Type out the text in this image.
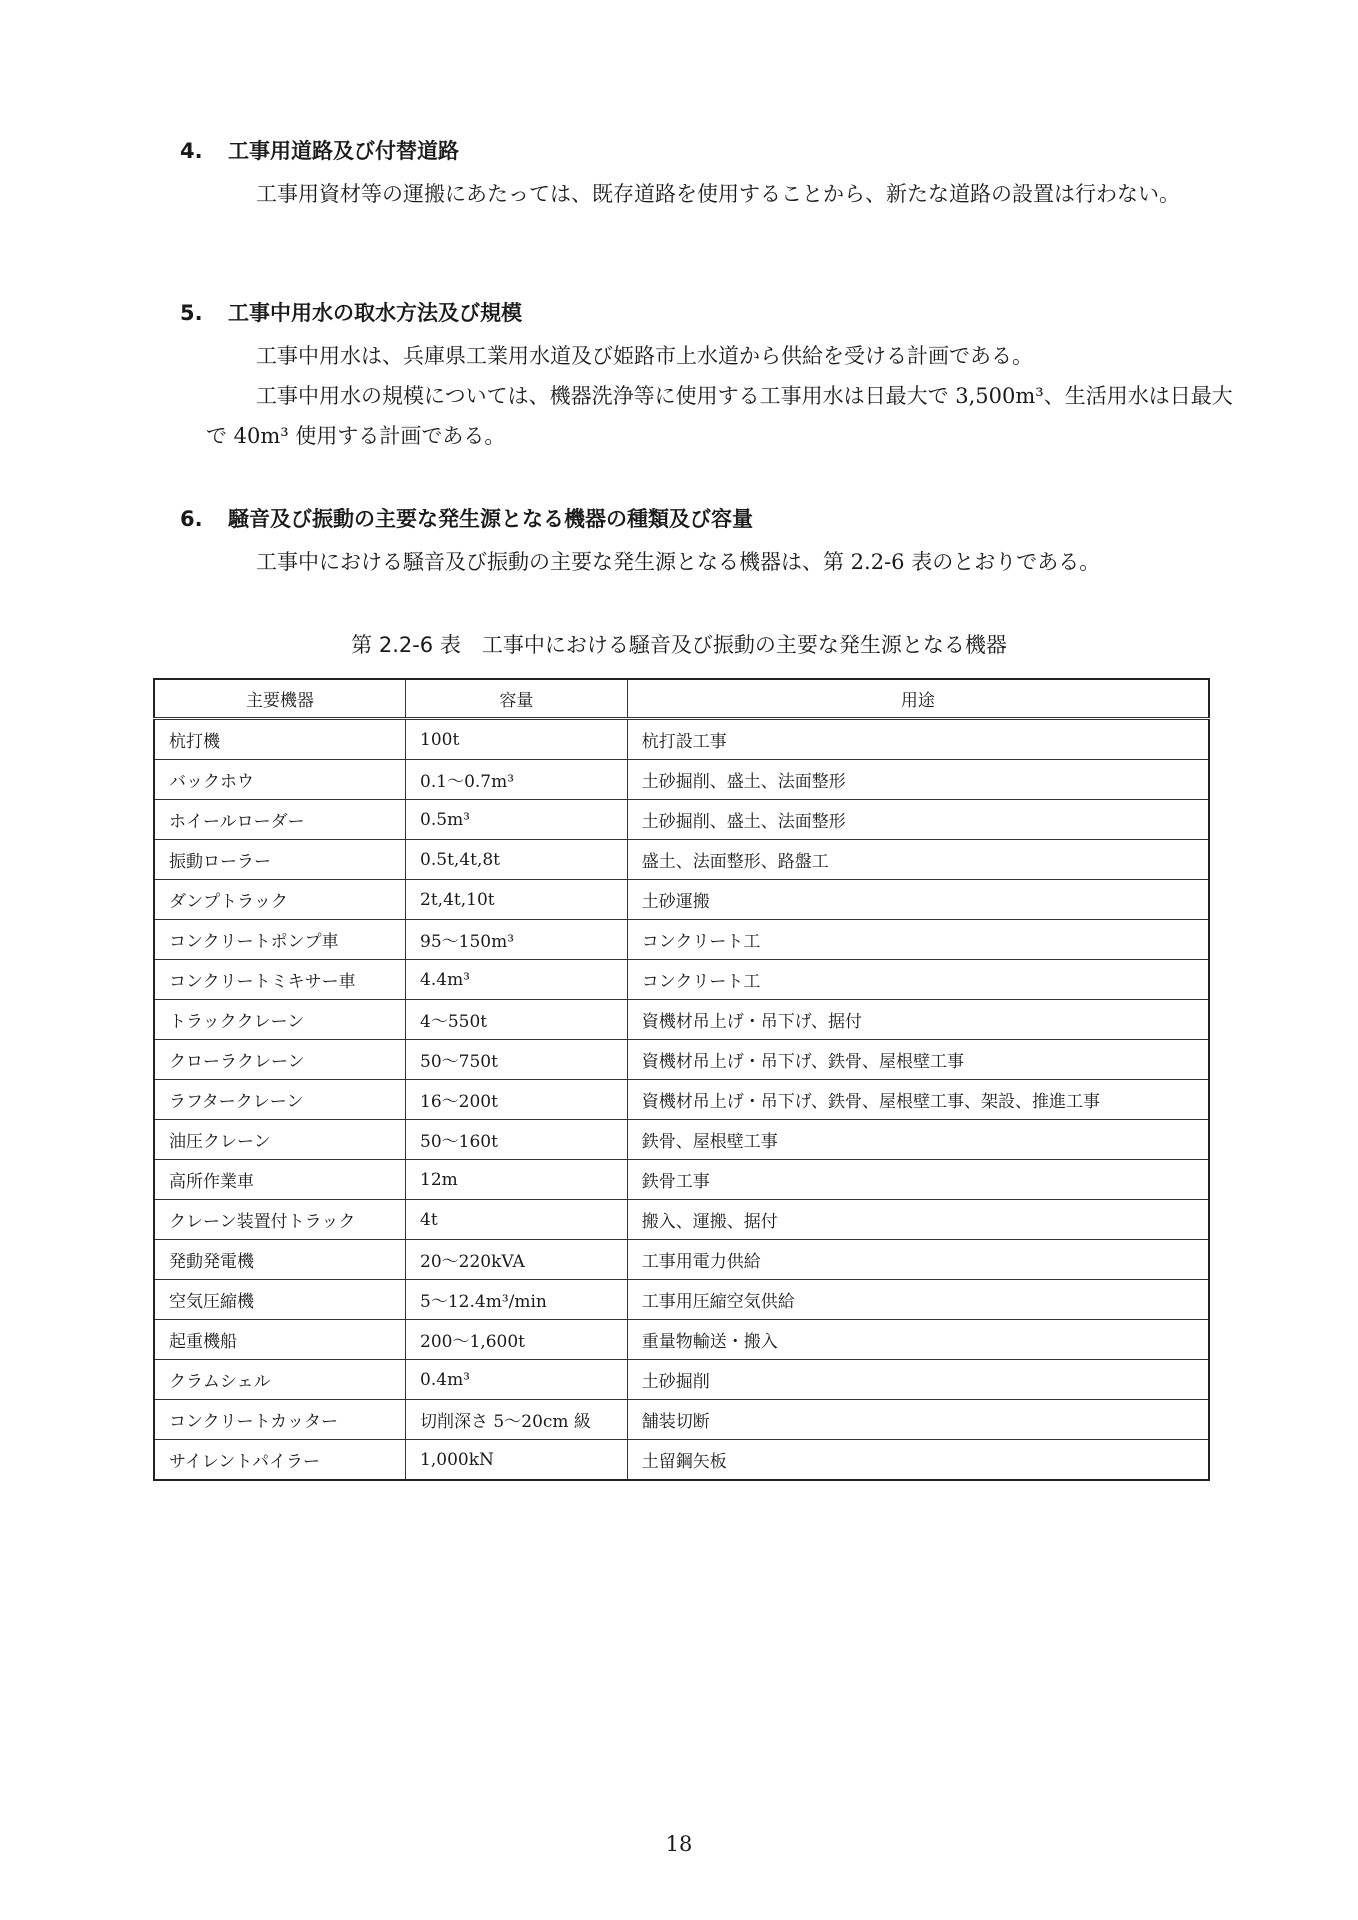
4. 工事用道路及び付替道路

工事用資材等の運搬にあたっては、既存道路を使用することから、新たな道路の設置は行わない。

5. 工事中用水の取水方法及び規模

工事中用水は、兵庫県工業用水道及び姫路市上水道から供給を受ける計画である。

工事中用水の規模については、機器洗浄等に使用する工事用水は日最大で 3,500m³、生活用水は日最大で 40m³ 使用する計画である。

6. 騒音及び振動の主要な発生源となる機器の種類及び容量

工事中における騒音及び振動の主要な発生源となる機器は、第 2.2-6 表のとおりである。

第 2.2-6 表　工事中における騒音及び振動の主要な発生源となる機器
主要機器	容量	用途
杭打機	100t	杭打設工事
バックホウ	0.1～0.7m³	土砂掘削、盛土、法面整形
ホイールローダー	0.5m³	土砂掘削、盛土、法面整形
振動ローラー	0.5t,4t,8t	盛土、法面整形、路盤工
ダンプトラック	2t,4t,10t	土砂運搬
コンクリートポンプ車	95～150m³	コンクリート工
コンクリートミキサー車	4.4m³	コンクリート工
トラッククレーン	4～550t	資機材吊上げ・吊下げ、据付
クローラクレーン	50～750t	資機材吊上げ・吊下げ、鉄骨、屋根壁工事
ラフタークレーン	16～200t	資機材吊上げ・吊下げ、鉄骨、屋根壁工事、架設、推進工事
油圧クレーン	50～160t	鉄骨、屋根壁工事
高所作業車	12m	鉄骨工事
クレーン装置付トラック	4t	搬入、運搬、据付
発動発電機	20～220kVA	工事用電力供給
空気圧縮機	5～12.4m³/min	工事用圧縮空気供給
起重機船	200～1,600t	重量物輸送・搬入
クラムシェル	0.4m³	土砂掘削
コンクリートカッター	切削深さ 5～20cm 級	舗装切断
サイレントパイラー	1,000kN	土留鋼矢板
18
